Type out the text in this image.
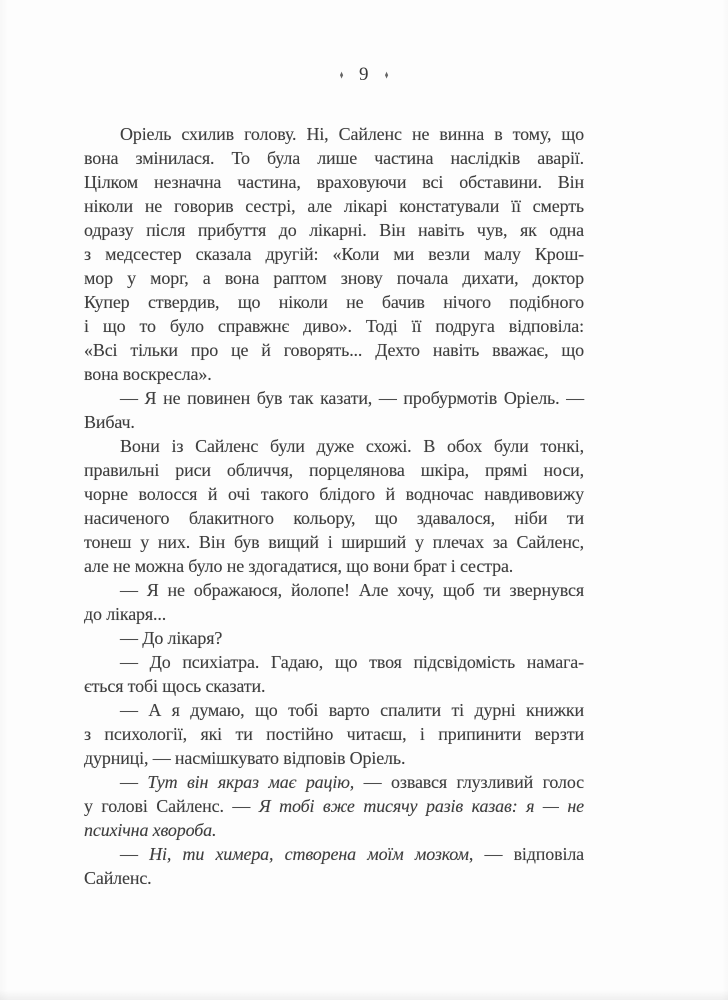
♦ 9 ♦
Оріель схилив голову. Ні, Сайленс не винна в тому, що
вона змінилася. То була лише частина наслідків аварії.
Цілком незначна частина, враховуючи всі обставини. Він
ніколи не говорив сестрі, але лікарі констатували її смерть
одразу після прибуття до лікарні. Він навіть чув, як одна
з медсестер сказала другій: «Коли ми везли малу Крош-
мор у морг, а вона раптом знову почала дихати, доктор
Купер ствердив, що ніколи не бачив нічого подібного
і що то було справжнє диво». Тоді її подруга відповіла:
«Всі тільки про це й говорять... Дехто навіть вважає, що
вона воскресла».
— Я не повинен був так казати, — пробурмотів Оріель. —
Вибач.
Вони із Сайленс були дуже схожі. В обох були тонкі,
правильні риси обличчя, порцелянова шкіра, прямі носи,
чорне волосся й очі такого блідого й водночас навдивовижу
насиченого блакитного кольору, що здавалося, ніби ти
тонеш у них. Він був вищий і ширший у плечах за Сайленс,
але не можна було не здогадатися, що вони брат і сестра.
— Я не ображаюся, йолопе! Але хочу, щоб ти звернувся
до лікаря...
— До лікаря?
— До психіатра. Гадаю, що твоя підсвідомість намага-
ється тобі щось сказати.
— А я думаю, що тобі варто спалити ті дурні книжки
з психології, які ти постійно читаєш, і припинити верзти
дурниці, — насмішкувато відповів Оріель.
— Тут він якраз має рацію, — озвався глузливий голос
у голові Сайленс. — Я тобі вже тисячу разів казав: я — не
психічна хвороба.
— Ні, ти химера, створена моїм мозком, — відповіла
Сайленс.
